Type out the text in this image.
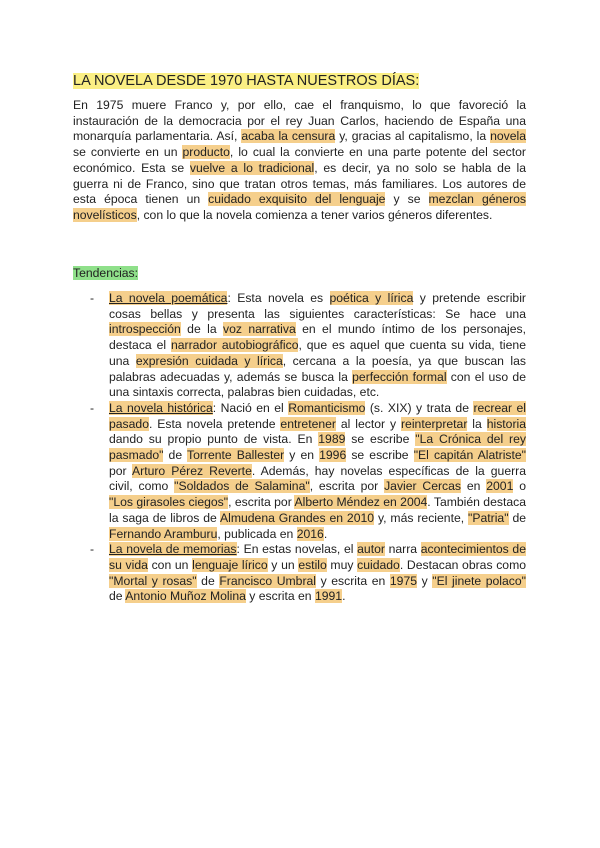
LA NOVELA DESDE 1970 HASTA NUESTROS DÍAS:

En 1975 muere Franco y, por ello, cae el franquismo, lo que favoreció la instauración de la democracia por el rey Juan Carlos, haciendo de España una monarquía parlamentaria. Así, acaba la censura y, gracias al capitalismo, la novela se convierte en un producto, lo cual la convierte en una parte potente del sector económico. Esta se vuelve a lo tradicional, es decir, ya no solo se habla de la guerra ni de Franco, sino que tratan otros temas, más familiares. Los autores de esta época tienen un cuidado exquisito del lenguaje y se mezclan géneros novelísticos, con lo que la novela comienza a tener varios géneros diferentes.

Tendencias:

- La novela poemática: Esta novela es poética y lírica y pretende escribir cosas bellas y presenta las siguientes características: Se hace una introspección de la voz narrativa en el mundo íntimo de los personajes, destaca el narrador autobiográfico, que es aquel que cuenta su vida, tiene una expresión cuidada y lírica, cercana a la poesía, ya que buscan las palabras adecuadas y, además se busca la perfección formal con el uso de una sintaxis correcta, palabras bien cuidadas, etc.
- La novela histórica: Nació en el Romanticismo (s. XIX) y trata de recrear el pasado. Esta novela pretende entretener al lector y reinterpretar la historia dando su propio punto de vista. En 1989 se escribe "La Crónica del rey pasmado" de Torrente Ballester y en 1996 se escribe "El capitán Alatriste" por Arturo Pérez Reverte. Además, hay novelas específicas de la guerra civil, como "Soldados de Salamina", escrita por Javier Cercas en 2001 o "Los girasoles ciegos", escrita por Alberto Méndez en 2004. También destaca la saga de libros de Almudena Grandes en 2010 y, más reciente, "Patria" de Fernando Aramburu, publicada en 2016.
- La novela de memorias: En estas novelas, el autor narra acontecimientos de su vida con un lenguaje lírico y un estilo muy cuidado. Destacan obras como "Mortal y rosas" de Francisco Umbral y escrita en 1975 y "El jinete polaco" de Antonio Muñoz Molina y escrita en 1991.
